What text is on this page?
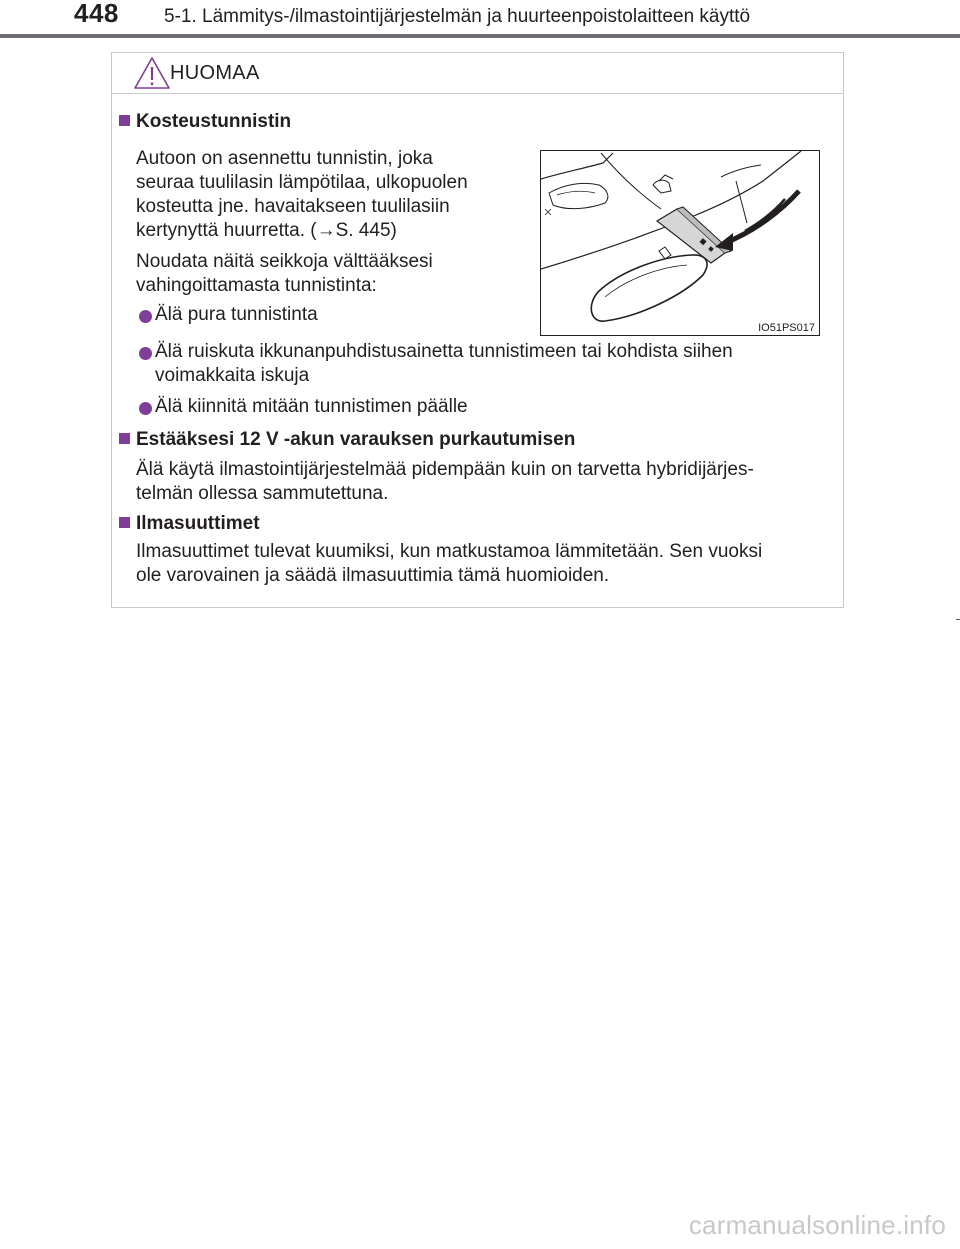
448 5-1. Lämmitys-/ilmastointijärjestelmän ja huurteenpoistolaitteen käyttö
HUOMAA
Kosteustunnistin
Autoon on asennettu tunnistin, joka
seuraa tuulilasin lämpötilaa, ulkopuolen
kosteutta jne. havaitakseen tuulilasiin
kertynyttä huurretta. (→S. 445)
Noudata näitä seikkoja välttääksesi
vahingoittamasta tunnistinta:
Älä pura tunnistinta
Älä ruiskuta ikkunanpuhdistusainetta tunnistimeen tai kohdista siihen
voimakkaita iskuja
Älä kiinnitä mitään tunnistimen päälle
Estääksesi 12 V -akun varauksen purkautumisen
Älä käytä ilmastointijärjestelmää pidempään kuin on tarvetta hybridijärjes-
telmän ollessa sammutettuna.
Ilmasuuttimet
Ilmasuuttimet tulevat kuumiksi, kun matkustamoa lämmitetään. Sen vuoksi
ole varovainen ja säädä ilmasuuttimia tämä huomioiden.
IO51PS017
carmanualsonline.info
